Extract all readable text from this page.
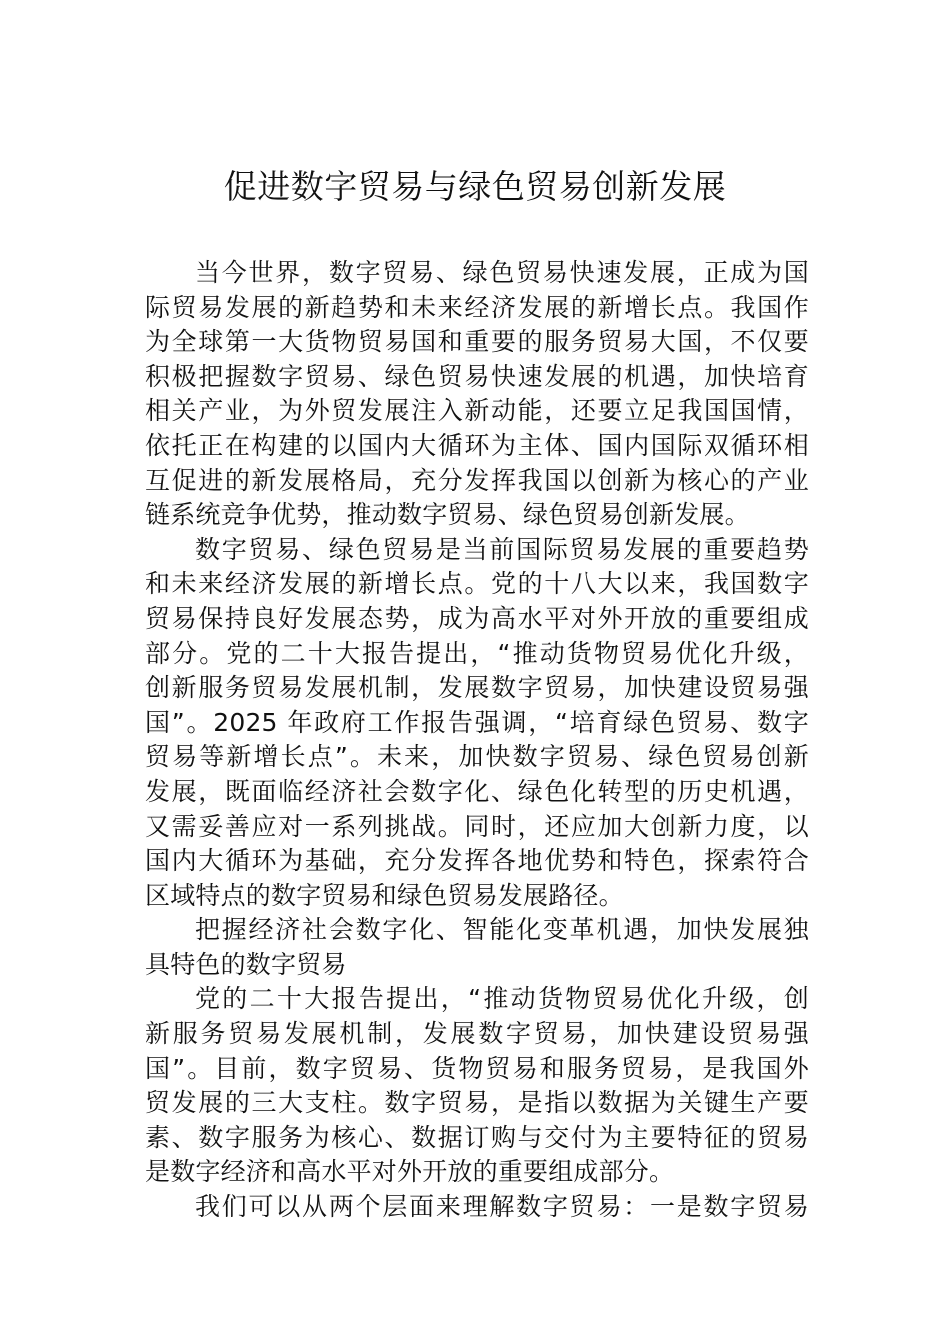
促进数字贸易与绿色贸易创新发展
当今世界，数字贸易、绿色贸易快速发展，正成为国
际贸易发展的新趋势和未来经济发展的新增长点。我国作
为全球第一大货物贸易国和重要的服务贸易大国，不仅要
积极把握数字贸易、绿色贸易快速发展的机遇，加快培育
相关产业，为外贸发展注入新动能，还要立足我国国情，
依托正在构建的以国内大循环为主体、国内国际双循环相
互促进的新发展格局，充分发挥我国以创新为核心的产业
链系统竞争优势，推动数字贸易、绿色贸易创新发展。
数字贸易、绿色贸易是当前国际贸易发展的重要趋势
和未来经济发展的新增长点。党的十八大以来，我国数字
贸易保持良好发展态势，成为高水平对外开放的重要组成
部分。党的二十大报告提出，“推动货物贸易优化升级，
创新服务贸易发展机制，发展数字贸易，加快建设贸易强
国”。2025 年政府工作报告强调，“培育绿色贸易、数字
贸易等新增长点”。未来，加快数字贸易、绿色贸易创新
发展，既面临经济社会数字化、绿色化转型的历史机遇，
又需妥善应对一系列挑战。同时，还应加大创新力度，以
国内大循环为基础，充分发挥各地优势和特色，探索符合
区域特点的数字贸易和绿色贸易发展路径。
把握经济社会数字化、智能化变革机遇，加快发展独
具特色的数字贸易
党的二十大报告提出，“推动货物贸易优化升级，创
新服务贸易发展机制，发展数字贸易，加快建设贸易强
国”。目前，数字贸易、货物贸易和服务贸易，是我国外
贸发展的三大支柱。数字贸易，是指以数据为关键生产要
素、数字服务为核心、数据订购与交付为主要特征的贸易
是数字经济和高水平对外开放的重要组成部分。
我们可以从两个层面来理解数字贸易：一是数字贸易
